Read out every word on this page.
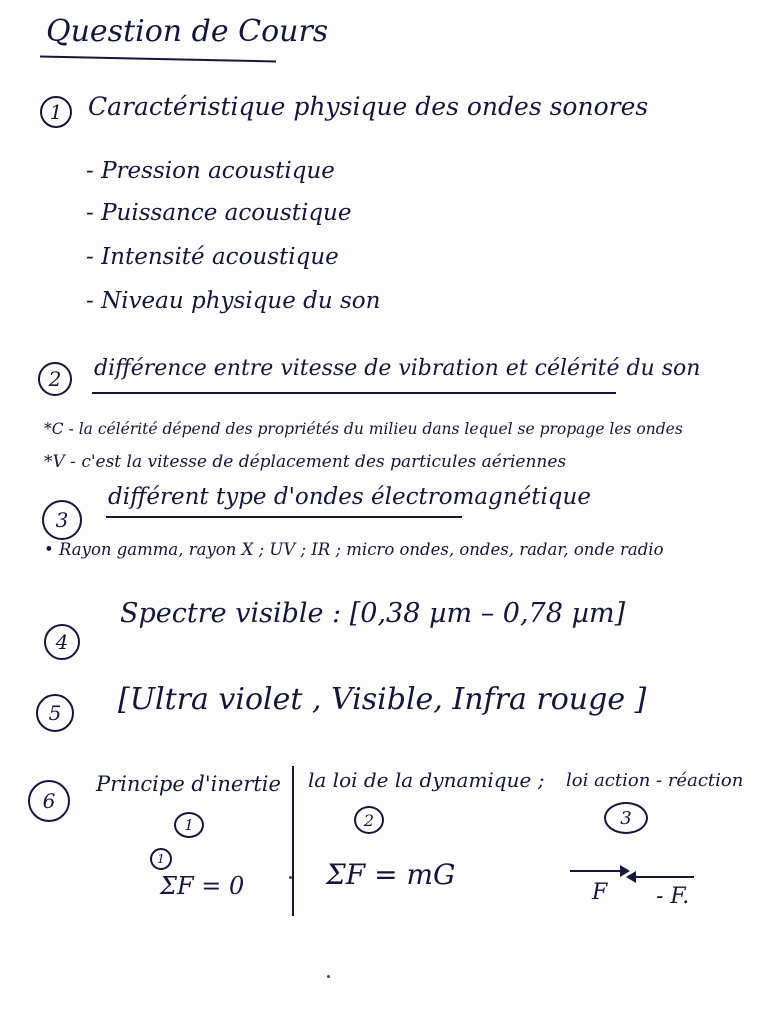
Question de Cours
1	Caractéristique physique des ondes sonores
- Pression acoustique
- Puissance acoustique
- Intensité acoustique
- Niveau physique du son
2	différence entre vitesse de vibration et célérité du son
*C - la célérité dépend des propriétés du milieu dans lequel se propage les ondes
*V - c'est la vitesse de déplacement des particules aériennes
3
différent type d'ondes électromagnétique
• Rayon gamma, rayon X ; UV ; IR ; micro ondes, ondes, radar, onde radio
4
Spectre visible : [0,38 µm – 0,78 µm]
5	[Ultra violet , Visible, Infra rouge ]
6
Principe d'inertie
1
1
ΣF = 0
la loi de la dynamique ;
2
ΣF = mG
loi action - réaction
3
F - F.
